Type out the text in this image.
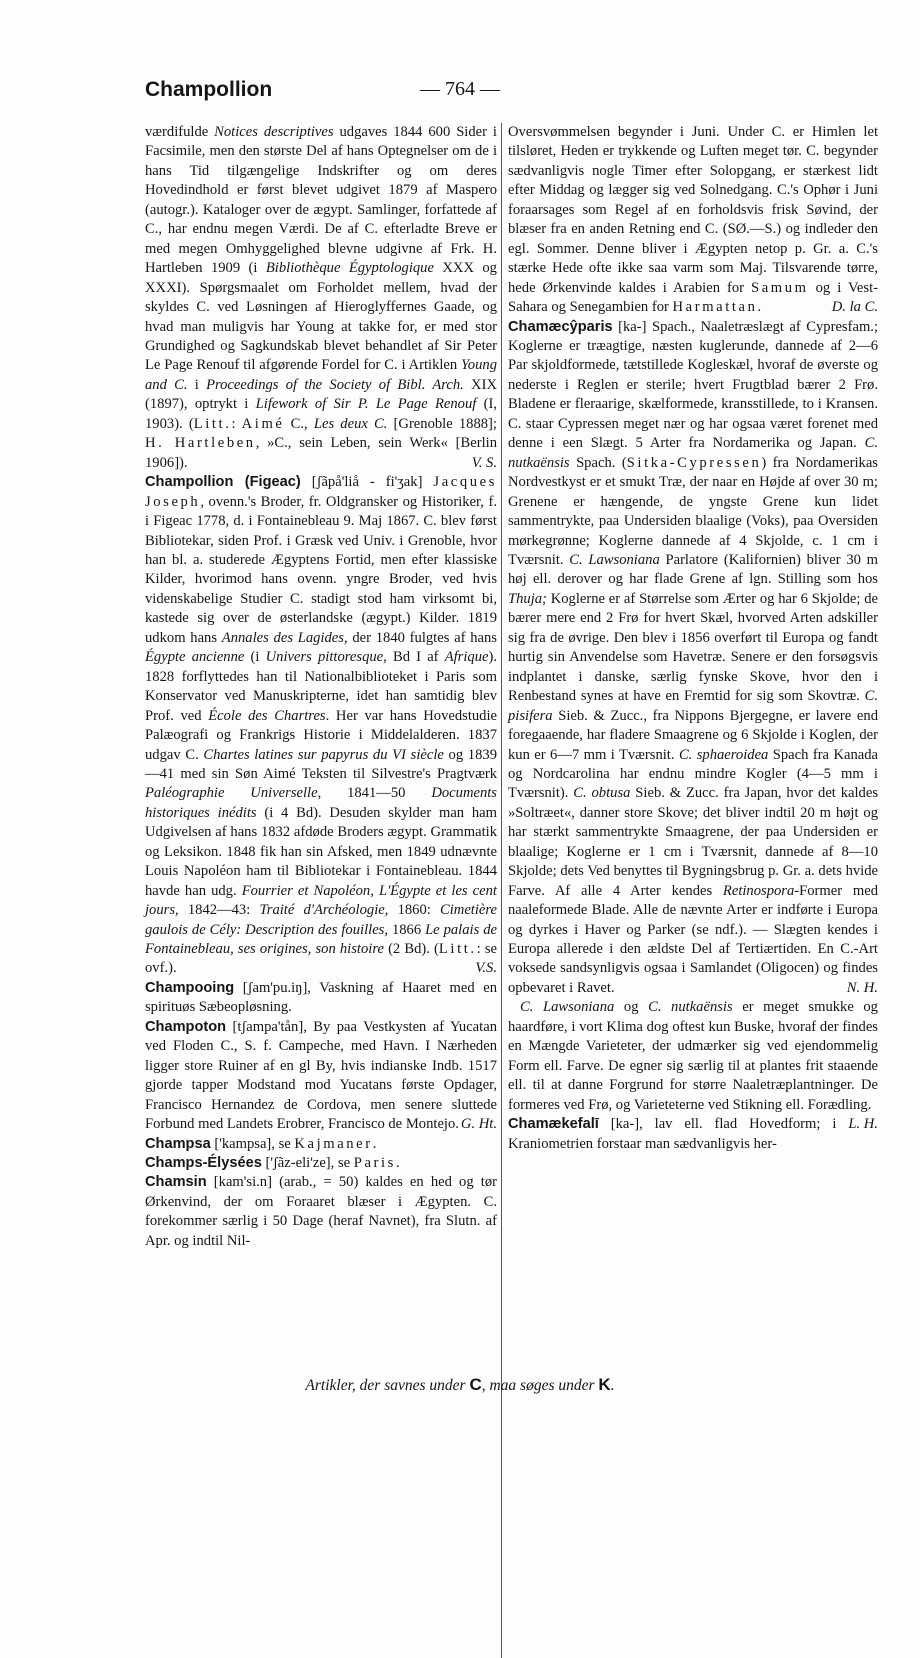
Champollion	— 764 —

værdifulde Notices descriptives udgaves 1844 600 Sider i Facsimile, men den største Del af hans Optegnelser om de i hans Tid tilgængelige Indskrifter og om deres Hovedindhold er først blevet udgivet 1879 af Maspero (autogr.). Kataloger over de ægypt. Samlinger, forfattede af C., har endnu megen Værdi. De af C. efterladte Breve er med megen Omhyggelighed blevne udgivne af Frk. H. Hartleben 1909 (i Bibliothèque Égyptologique XXX og XXXI). Spørgsmaalet om Forholdet mellem, hvad der skyldes C. ved Løsningen af Hieroglyffernes Gaade, og hvad man muligvis har Young at takke for, er med stor Grundighed og Sagkundskab blevet behandlet af Sir Peter Le Page Renouf til afgørende Fordel for C. i Artiklen Young and C. i Proceedings of the Society of Bibl. Arch. XIX (1897), optrykt i Lifework of Sir P. Le Page Renouf (I, 1903). (Litt.: Aimé C., Les deux C. [Grenoble 1888]; H. Hartleben, »C., sein Leben, sein Werk« [Berlin 1906]).	V. S.

Champollion (Figeac) [ʃãpå'liå - fi'ʒak] Jacques Joseph, ovenn.'s Broder, fr. Oldgransker og Historiker, f. i Figeac 1778, d. i Fontainebleau 9. Maj 1867. C. blev først Bibliotekar, siden Prof. i Græsk ved Univ. i Grenoble, hvor han bl. a. studerede Ægyptens Fortid, men efter klassiske Kilder, hvorimod hans ovenn. yngre Broder, ved hvis videnskabelige Studier C. stadigt stod ham virksomt bi, kastede sig over de østerlandske (ægypt.) Kilder. 1819 udkom hans Annales des Lagides, der 1840 fulgtes af hans Égypte ancienne (i Univers pittoresque, Bd I af Afrique). 1828 forflyttedes han til Nationalbiblioteket i Paris som Konservator ved Manuskripterne, idet han samtidig blev Prof. ved École des Chartres. Her var hans Hovedstudie Palæografi og Frankrigs Historie i Middelalderen. 1837 udgav C. Chartes latines sur papyrus du VI siècle og 1839—41 med sin Søn Aimé Teksten til Silvestre's Pragtværk Paléographie Universelle, 1841—50 Documents historiques inédits (i 4 Bd). Desuden skylder man ham Udgivelsen af hans 1832 afdøde Broders ægypt. Grammatik og Leksikon. 1848 fik han sin Afsked, men 1849 udnævnte Louis Napoléon ham til Bibliotekar i Fontainebleau. 1844 havde han udg. Fourrier et Napoléon, L'Égypte et les cent jours, 1842—43: Traité d'Archéologie, 1860: Cimetière gaulois de Cély: Description des fouilles, 1866 Le palais de Fontainebleau, ses origines, son histoire (2 Bd). (Litt.: se ovf.).	V.S.

Champooing [ʃam'pu.iŋ], Vaskning af Haaret med en spirituøs Sæbeopløsning.

Champoton [tʃampa'tån], By paa Vestkysten af Yucatan ved Floden C., S. f. Campeche, med Havn. I Nærheden ligger store Ruiner af en gl By, hvis indianske Indb. 1517 gjorde tapper Modstand mod Yucatans første Opdager, Francisco Hernandez de Cordova, men senere sluttede Forbund med Landets Erobrer, Francisco de Montejo. G. Ht.

Champsa ['kampsa], se Kajmaner.

Champs-Élysées ['ʃãz-eli'ze], se Paris.

Chamsin [kam'si.n] (arab., = 50) kaldes en hed og tør Ørkenvind, der om Foraaret blæser i Ægypten. C. forekommer særlig i 50 Dage (heraf Navnet), fra Slutn. af Apr. og indtil Nil-

Oversvømmelsen begynder i Juni. Under C. er Himlen let tilsløret, Heden er trykkende og Luften meget tør. C. begynder sædvanligvis nogle Timer efter Solopgang, er stærkest lidt efter Middag og lægger sig ved Solnedgang. C.'s Ophør i Juni foraarsages som Regel af en forholdsvis frisk Søvind, der blæser fra en anden Retning end C. (SØ.—S.) og indleder den egl. Sommer. Denne bliver i Ægypten netop p. Gr. a. C.'s stærke Hede ofte ikke saa varm som Maj. Tilsvarende tørre, hede Ørkenvinde kaldes i Arabien for Samum og i Vest-Sahara og Senegambien for Harmattan.	D. la C.

Chamæcŷparis [ka-] Spach., Naaletræslægt af Cypresfam.; Koglerne er træagtige, næsten kuglerunde, dannede af 2—6 Par skjoldformede, tætstillede Kogleskæl, hvoraf de øverste og nederste i Reglen er sterile; hvert Frugtblad bærer 2 Frø. Bladene er fleraarige, skælformede, kransstillede, to i Kransen. C. staar Cypressen meget nær og har ogsaa været forenet med denne i een Slægt. 5 Arter fra Nordamerika og Japan. C. nutkaënsis Spach. (Sitka-Cypressen) fra Nordamerikas Nordvestkyst er et smukt Træ, der naar en Højde af over 30 m; Grenene er hængende, de yngste Grene kun lidet sammentrykte, paa Undersiden blaalige (Voks), paa Oversiden mørkegrønne; Koglerne dannede af 4 Skjolde, c. 1 cm i Tværsnit. C. Lawsoniana Parlatore (Kalifornien) bliver 30 m høj ell. derover og har flade Grene af lgn. Stilling som hos Thuja; Koglerne er af Størrelse som Ærter og har 6 Skjolde; de bærer mere end 2 Frø for hvert Skæl, hvorved Arten adskiller sig fra de øvrige. Den blev i 1856 overført til Europa og fandt hurtig sin Anvendelse som Havetræ. Senere er den forsøgsvis indplantet i danske, særlig fynske Skove, hvor den i Renbestand synes at have en Fremtid for sig som Skovtræ. C. pisifera Sieb. & Zucc., fra Nippons Bjergegne, er lavere end foregaaende, har fladere Smaagrene og 6 Skjolde i Koglen, der kun er 6—7 mm i Tværsnit. C. sphaeroidea Spach fra Kanada og Nordcarolina har endnu mindre Kogler (4—5 mm i Tværsnit). C. obtusa Sieb. & Zucc. fra Japan, hvor det kaldes »Soltræet«, danner store Skove; det bliver indtil 20 m højt og har stærkt sammentrykte Smaagrene, der paa Undersiden er blaalige; Koglerne er 1 cm i Tværsnit, dannede af 8—10 Skjolde; dets Ved benyttes til Bygningsbrug p. Gr. a. dets hvide Farve. Af alle 4 Arter kendes Retinospora-Former med naaleformede Blade. Alle de nævnte Arter er indførte i Europa og dyrkes i Haver og Parker (se ndf.). — Slægten kendes i Europa allerede i den ældste Del af Tertiærtiden. En C.-Art voksede sandsynligvis ogsaa i Samlandet (Oligocen) og findes opbevaret i Ravet.	N. H.

C. Lawsoniana og C. nutkaënsis er meget smukke og haardføre, i vort Klima dog oftest kun Buske, hvoraf der findes en Mængde Varieteter, der udmærker sig ved ejendommelig Form ell. Farve. De egner sig særlig til at plantes frit staaende ell. til at danne Forgrund for større Naaletræplantninger. De formeres ved Frø, og Varieteterne ved Stikning ell. Forædling.
L. H.

Chamækefalī [ka-], lav ell. flad Hovedform; i Kraniometrien forstaar man sædvanligvis her-

Artikler, der savnes under C, maa søges under K.
